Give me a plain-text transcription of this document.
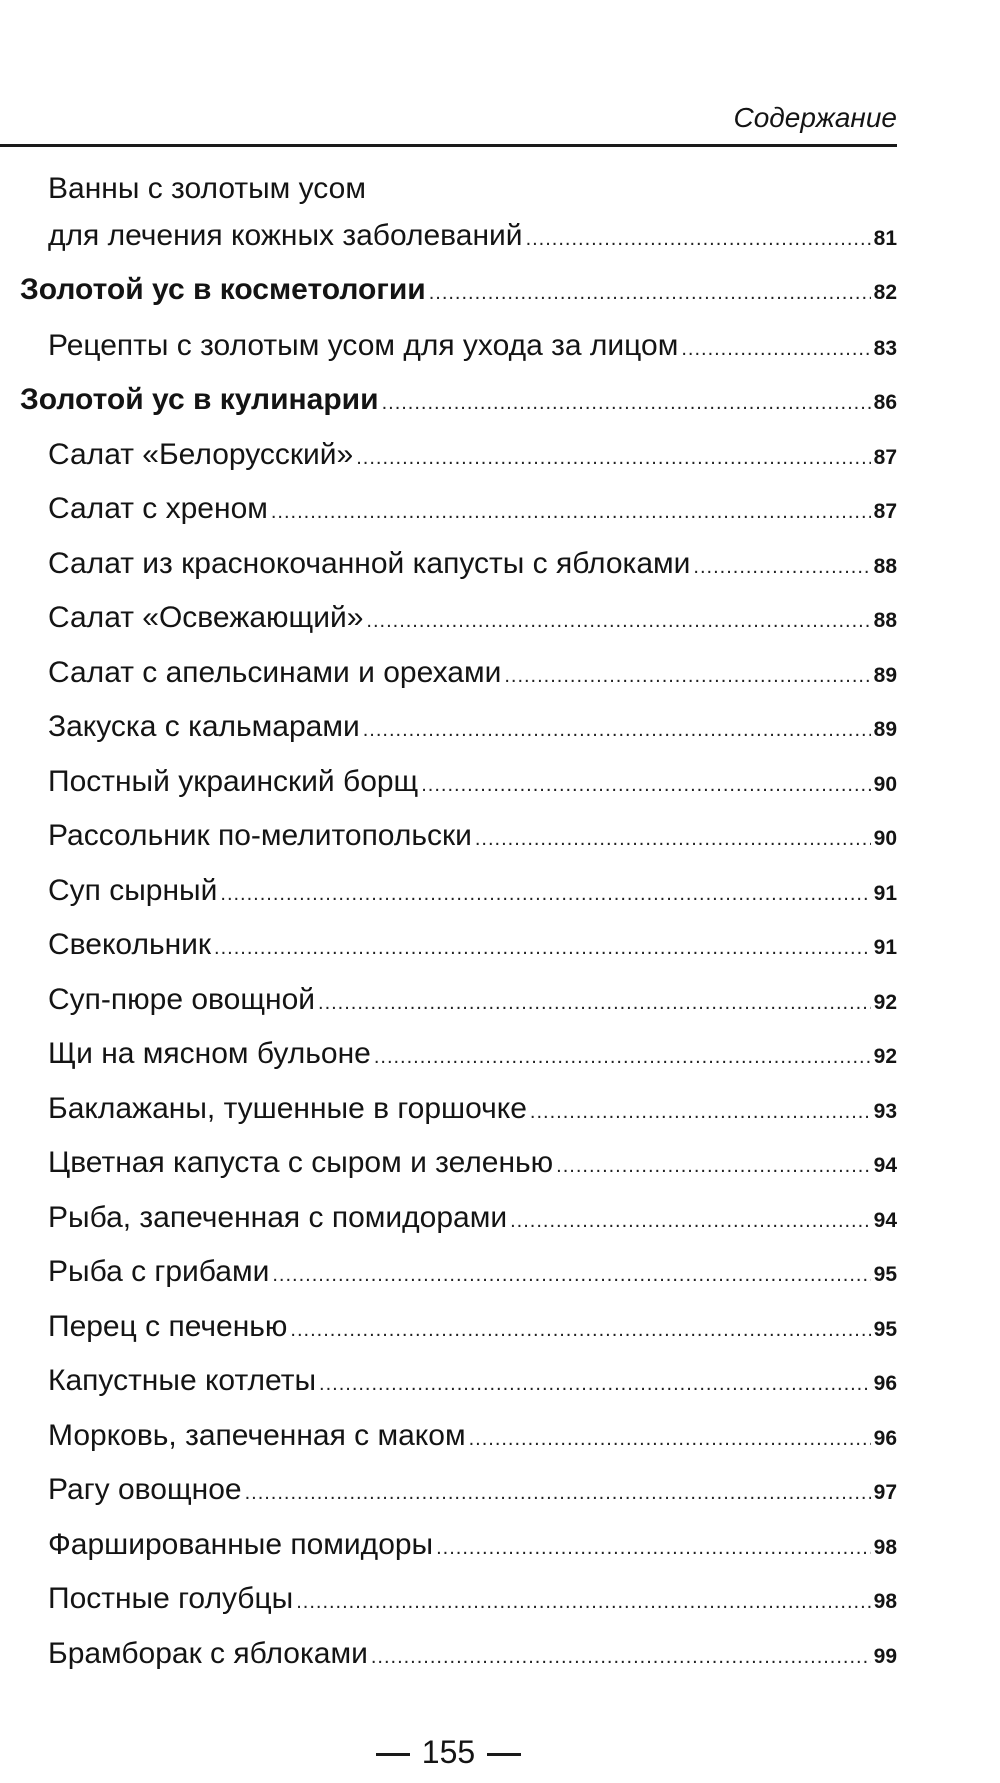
Содержание
Ванны с золотым усом
для лечения кожных заболеваний .....	81
Золотой ус в косметологии .....	82
Рецепты с золотым усом для ухода за лицом .....	83
Золотой ус в кулинарии .....	86
Салат «Белорусский» .....	87
Салат с хреном .....	87
Салат из краснокочанной капусты с яблоками .....	88
Салат «Освежающий» .....	88
Салат с апельсинами и орехами .....	89
Закуска с кальмарами .....	89
Постный украинский борщ .....	90
Рассольник по-мелитопольски .....	90
Суп сырный .....	91
Свекольник .....	91
Суп-пюре овощной .....	92
Щи на мясном бульоне .....	92
Баклажаны, тушенные в горшочке .....	93
Цветная капуста с сыром и зеленью .....	94
Рыба, запеченная с помидорами .....	94
Рыба с грибами .....	95
Перец с печенью .....	95
Капустные котлеты .....	96
Морковь, запеченная с маком .....	96
Рагу овощное .....	97
Фаршированные помидоры .....	98
Постные голубцы .....	98
Брамборак с яблоками .....	99
155
